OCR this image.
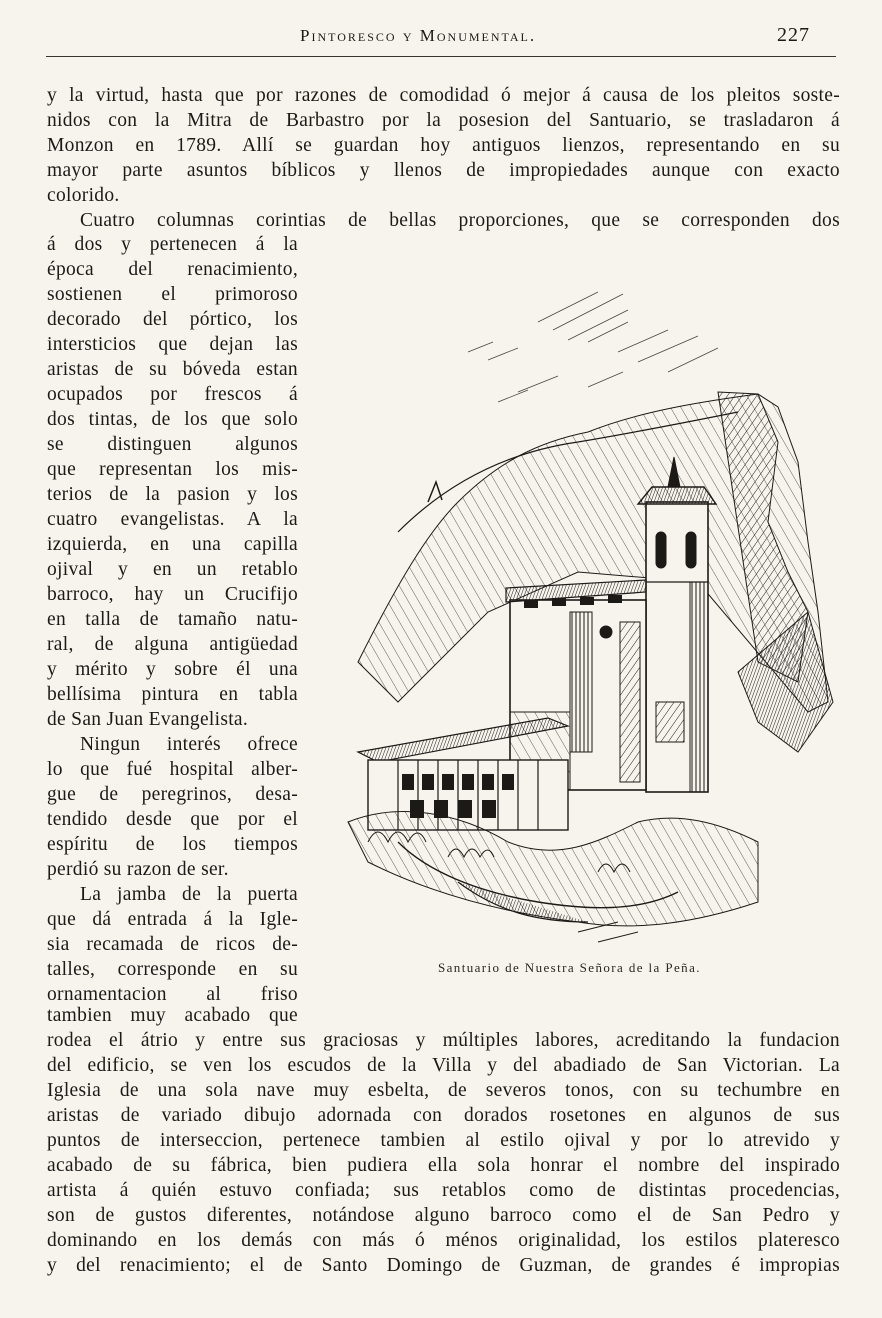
Pintoresco y Monumental.	227
y la virtud, hasta que por razones de comodidad ó mejor á causa de los pleitos soste-
nidos con la Mitra de Barbastro por la posesion del Santuario, se trasladaron á
Monzon en 1789. Allí se guardan hoy antiguos lienzos, representando en su
mayor parte asuntos bíblicos y llenos de impropiedades aunque con exacto
colorido.
Cuatro columnas corintias de bellas proporciones, que se corresponden dos
á dos y pertenecen á la
época del renacimiento,
sostienen el primoroso
decorado del pórtico, los
intersticios que dejan las
aristas de su bóveda estan
ocupados por frescos á
dos tintas, de los que solo
se distinguen algunos
que representan los mis-
terios de la pasion y los
cuatro evangelistas. A la
izquierda, en una capilla
ojival y en un retablo
barroco, hay un Crucifijo
en talla de tamaño natu-
ral, de alguna antigüedad
y mérito y sobre él una
bellísima pintura en tabla
de San Juan Evangelista.
Ningun interés ofrece
lo que fué hospital alber-
gue de peregrinos, desa-
tendido desde que por el
espíritu de los tiempos
perdió su razon de ser.
La jamba de la puerta
que dá entrada á la Igle-
sia recamada de ricos de-
talles, corresponde en su
ornamentacion al friso
tambien muy acabado que
rodea el átrio y entre sus graciosas y múltiples labores, acreditando la fundacion
del edificio, se ven los escudos de la Villa y del abadiado de San Victorian. La
Iglesia de una sola nave muy esbelta, de severos tonos, con su techumbre en
aristas de variado dibujo adornada con dorados rosetones en algunos de sus
puntos de interseccion, pertenece tambien al estilo ojival y por lo atrevido y
acabado de su fábrica, bien pudiera ella sola honrar el nombre del inspirado
artista á quién estuvo confiada; sus retablos como de distintas procedencias,
son de gustos diferentes, notándose alguno barroco como el de San Pedro y
dominando en los demás con más ó ménos originalidad, los estilos plateresco
y del renacimiento; el de Santo Domingo de Guzman, de grandes é impropias
Santuario de Nuestra Señora de la Peña.
